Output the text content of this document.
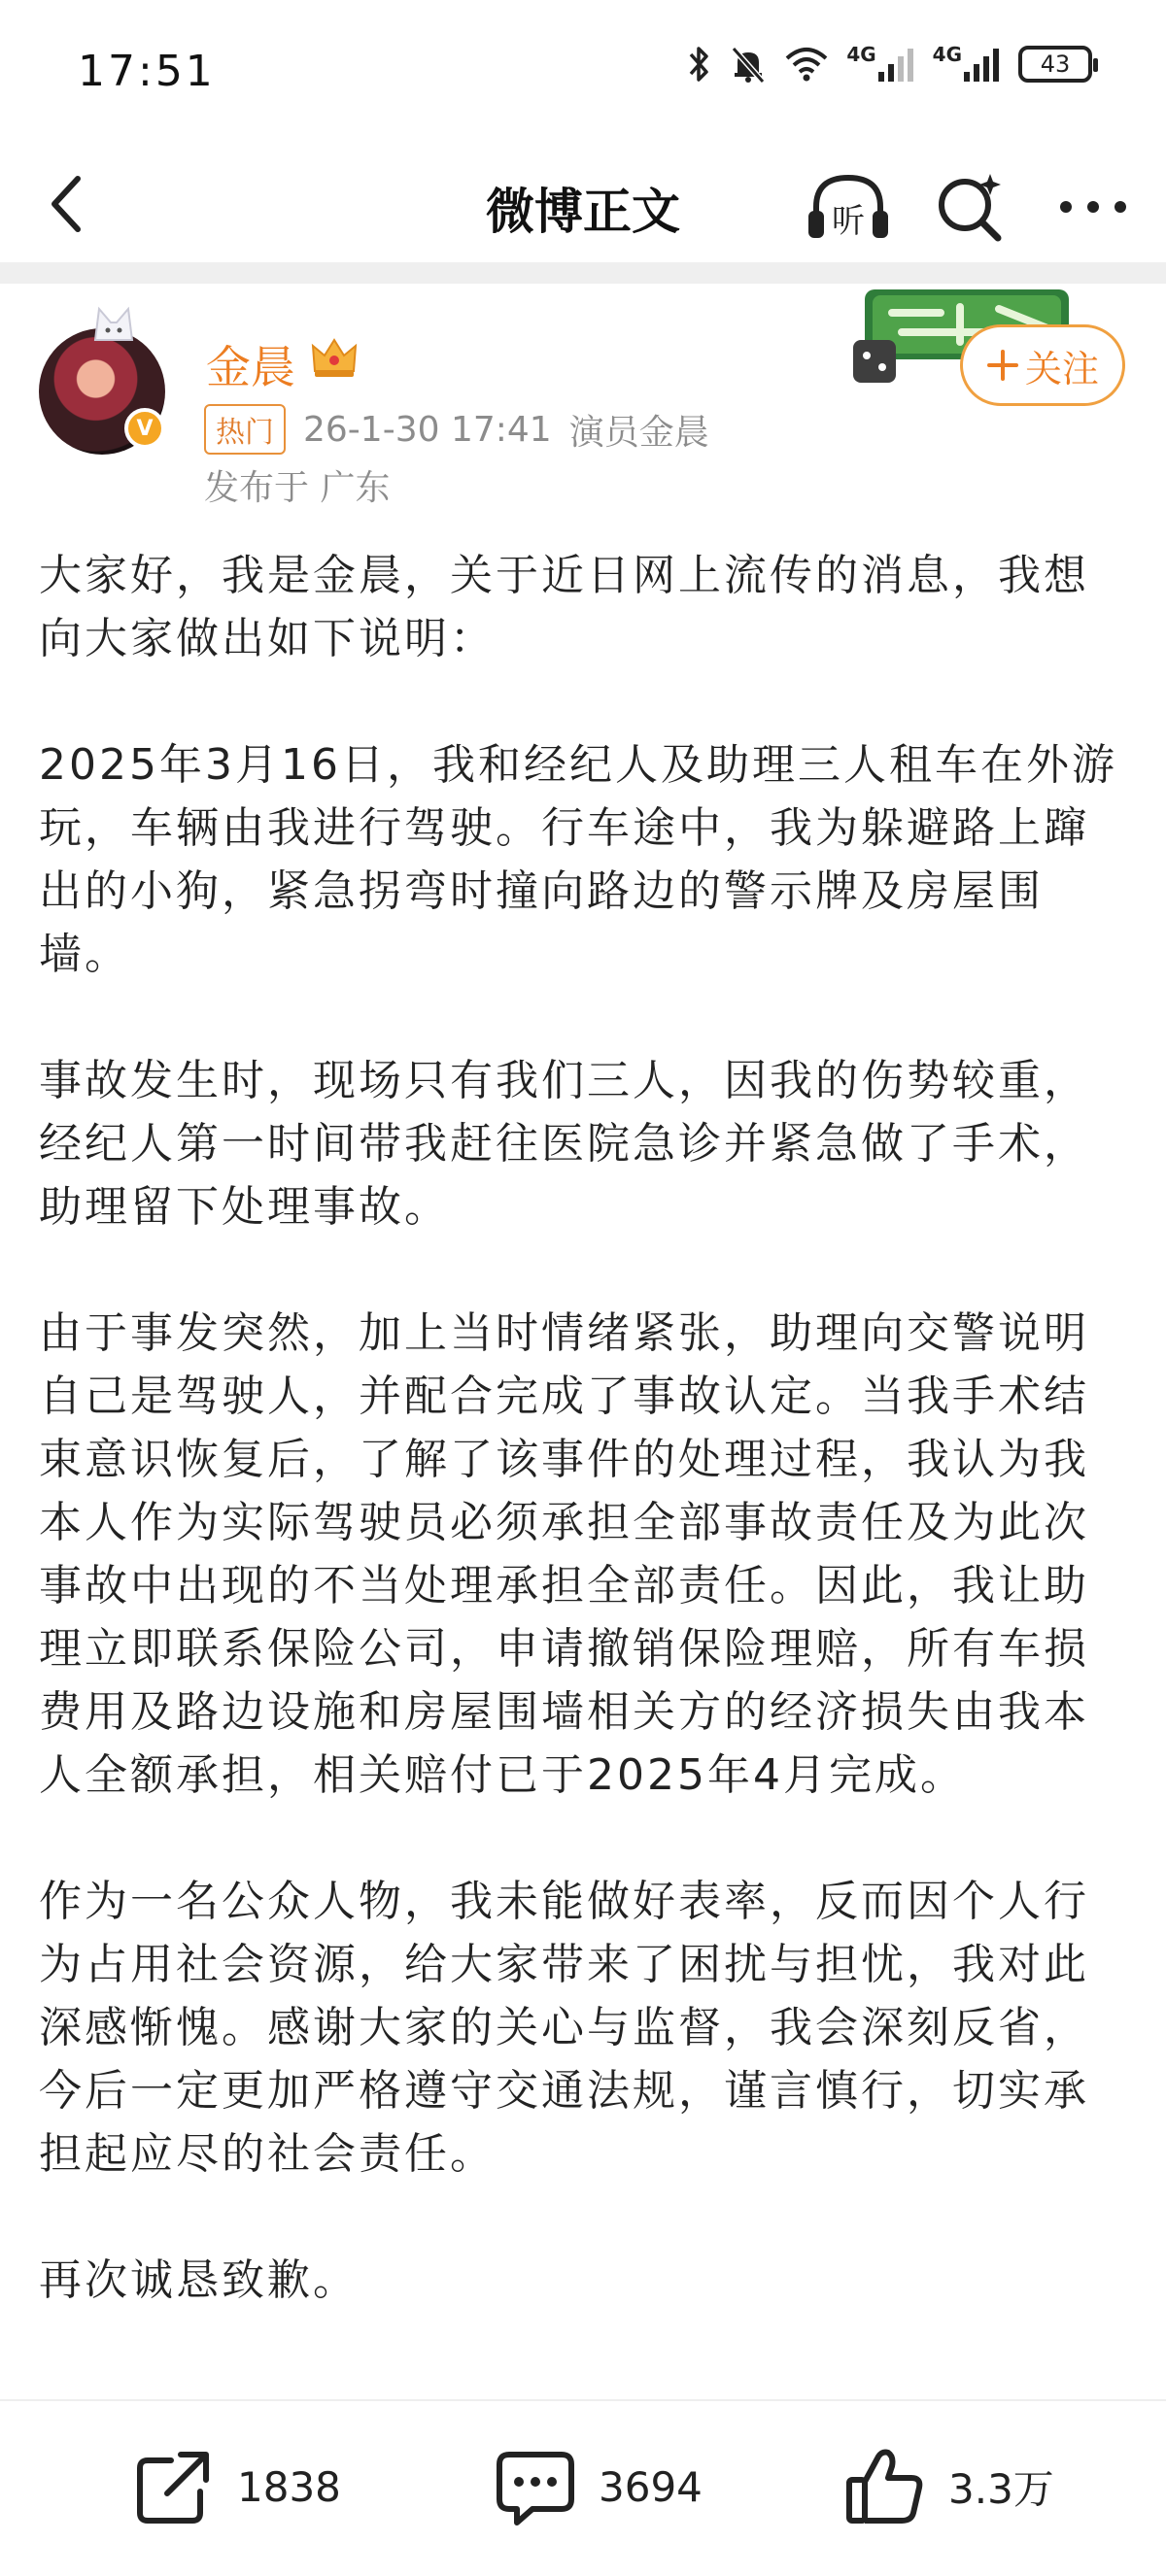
17:51	4G	4G	43
微博正文	听
V
金晨
热门 26-1-30 17:41 演员金晨
发布于 广东
关注

大家好，我是金晨，关于近日网上流传的消息，我想向大家做出如下说明：

2025年3月16日，我和经纪人及助理三人租车在外游玩，车辆由我进行驾驶。行车途中，我为躲避路上蹿出的小狗，紧急拐弯时撞向路边的警示牌及房屋围墙。

事故发生时，现场只有我们三人，因我的伤势较重，经纪人第一时间带我赶往医院急诊并紧急做了手术，助理留下处理事故。

由于事发突然，加上当时情绪紧张，助理向交警说明自己是驾驶人，并配合完成了事故认定。当我手术结束意识恢复后，了解了该事件的处理过程，我认为我本人作为实际驾驶员必须承担全部事故责任及为此次事故中出现的不当处理承担全部责任。因此，我让助理立即联系保险公司，申请撤销保险理赔，所有车损费用及路边设施和房屋围墙相关方的经济损失由我本人全额承担，相关赔付已于2025年4月完成。

作为一名公众人物，我未能做好表率，反而因个人行为占用社会资源，给大家带来了困扰与担忧，我对此深感惭愧。感谢大家的关心与监督，我会深刻反省，今后一定更加严格遵守交通法规，谨言慎行，切实承担起应尽的社会责任。

再次诚恳致歉。

1838	3694	3.3万
